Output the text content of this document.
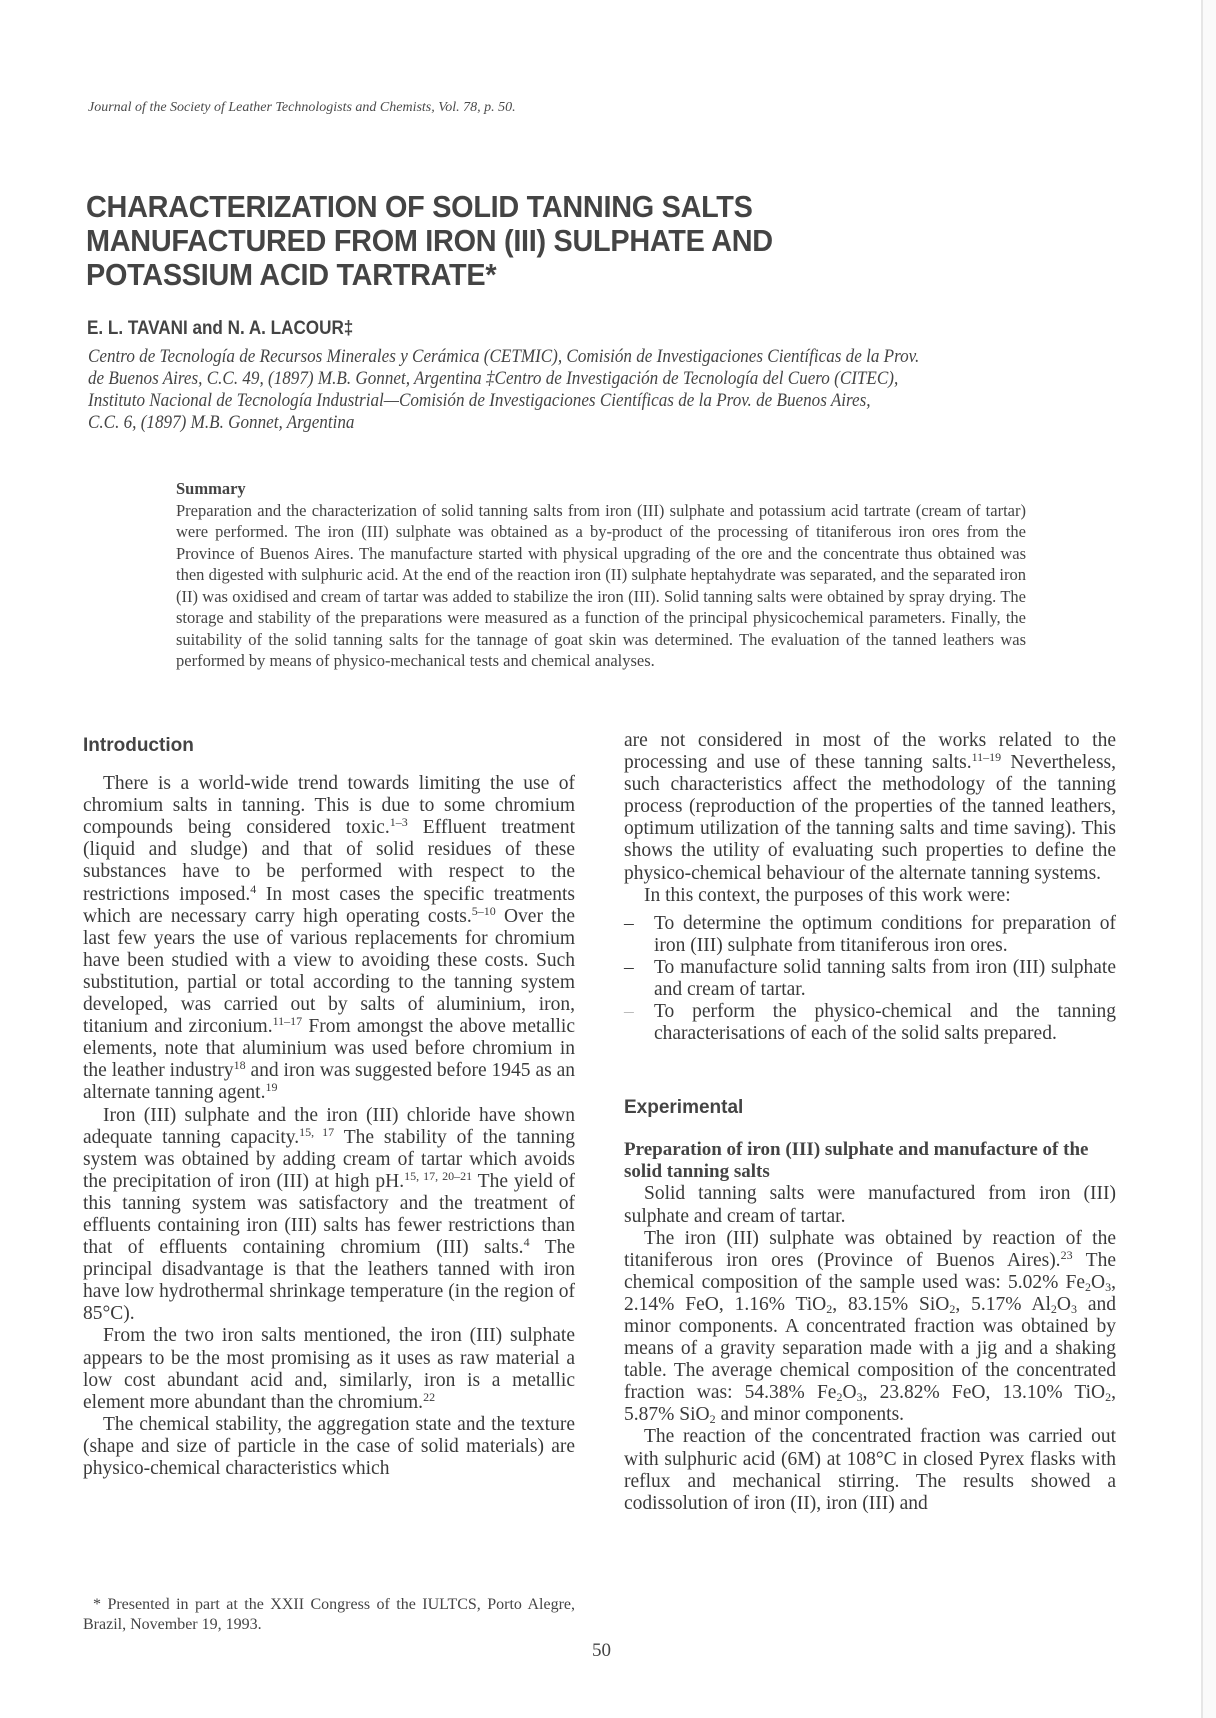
Journal of the Society of Leather Technologists and Chemists, Vol. 78, p. 50.
CHARACTERIZATION OF SOLID TANNING SALTS
MANUFACTURED FROM IRON (III) SULPHATE AND
POTASSIUM ACID TARTRATE*
E. L. TAVANI and N. A. LACOUR‡
Centro de Tecnología de Recursos Minerales y Cerámica (CETMIC), Comisión de Investigaciones Científicas de la Prov.
de Buenos Aires, C.C. 49, (1897) M.B. Gonnet, Argentina ‡Centro de Investigación de Tecnología del Cuero (CITEC),
Instituto Nacional de Tecnología Industrial—Comisión de Investigaciones Científicas de la Prov. de Buenos Aires,
C.C. 6, (1897) M.B. Gonnet, Argentina
Summary

Preparation and the characterization of solid tanning salts from iron (III) sulphate and potassium acid tartrate (cream of tartar) were performed. The iron (III) sulphate was obtained as a by-product of the processing of titaniferous iron ores from the Province of Buenos Aires. The manufacture started with physical upgrading of the ore and the concentrate thus obtained was then digested with sulphuric acid. At the end of the reaction iron (II) sulphate heptahydrate was separated, and the separated iron (II) was oxidised and cream of tartar was added to stabilize the iron (III). Solid tanning salts were obtained by spray drying. The storage and stability of the preparations were measured as a function of the principal physicochemical parameters. Finally, the suitability of the solid tanning salts for the tannage of goat skin was determined. The evaluation of the tanned leathers was performed by means of physico-mechanical tests and chemical analyses.

Introduction

There is a world-wide trend towards limiting the use of chromium salts in tanning. This is due to some chromium compounds being considered toxic.$^{1-3}$ Effluent treatment (liquid and sludge) and that of solid residues of these substances have to be performed with respect to the restrictions imposed.$^4$ In most cases the specific treatments which are necessary carry high operating costs.$^{5-10}$ Over the last few years the use of various replacements for chromium have been studied with a view to avoiding these costs. Such substitution, partial or total according to the tanning system developed, was carried out by salts of aluminium, iron, titanium and zirconium.$^{11-17}$ From amongst the above metallic elements, note that aluminium was used before chromium in the leather industry$^{18}$ and iron was suggested before 1945 as an alternate tanning agent.$^{19}$

Iron (III) sulphate and the iron (III) chloride have shown adequate tanning capacity.$^{15, 17}$ The stability of the tanning system was obtained by adding cream of tartar which avoids the precipitation of iron (III) at high pH.$^{15, 17, 20-21}$ The yield of this tanning system was satisfactory and the treatment of effluents containing iron (III) salts has fewer restrictions than that of effluents containing chromium (III) salts.$^4$ The principal disadvantage is that the leathers tanned with iron have low hydrothermal shrinkage temperature (in the region of 85°C).

From the two iron salts mentioned, the iron (III) sulphate appears to be the most promising as it uses as raw material a low cost abundant acid and, similarly, iron is a metallic element more abundant than the chromium.$^{22}$

The chemical stability, the aggregation state and the texture (shape and size of particle in the case of solid materials) are physico-chemical characteristics which

* Presented in part at the XXII Congress of the IULTCS, Porto Alegre, Brazil, November 19, 1993.

are not considered in most of the works related to the processing and use of these tanning salts.$^{11-19}$ Nevertheless, such characteristics affect the methodology of the tanning process (reproduction of the properties of the tanned leathers, optimum utilization of the tanning salts and time saving). This shows the utility of evaluating such properties to define the physico-chemical behaviour of the alternate tanning systems.

In this context, the purposes of this work were:

– To determine the optimum conditions for preparation of iron (III) sulphate from titaniferous iron ores.
– To manufacture solid tanning salts from iron (III) sulphate and cream of tartar.
– To perform the physico-chemical and the tanning characterisations of each of the solid salts prepared.
Experimental
Preparation of iron (III) sulphate and manufacture of the solid tanning salts

Solid tanning salts were manufactured from iron (III) sulphate and cream of tartar.

The iron (III) sulphate was obtained by reaction of the titaniferous iron ores (Province of Buenos Aires).$^{23}$ The chemical composition of the sample used was: 5.02% $Fe_2O_3$, 2.14% FeO, 1.16% TiO$_2$, 83.15% SiO$_2$, 5.17% $Al_2O_3$ and minor components. A concentrated fraction was obtained by means of a gravity separation made with a jig and a shaking table. The average chemical composition of the concentrated fraction was: 54.38% $Fe_2O_3$, 23.82% FeO, 13.10% TiO$_2$, 5.87% SiO$_2$ and minor components.

The reaction of the concentrated fraction was carried out with sulphuric acid (6M) at 108°C in closed Pyrex flasks with reflux and mechanical stirring. The results showed a codissolution of iron (II), iron (III) and

50
